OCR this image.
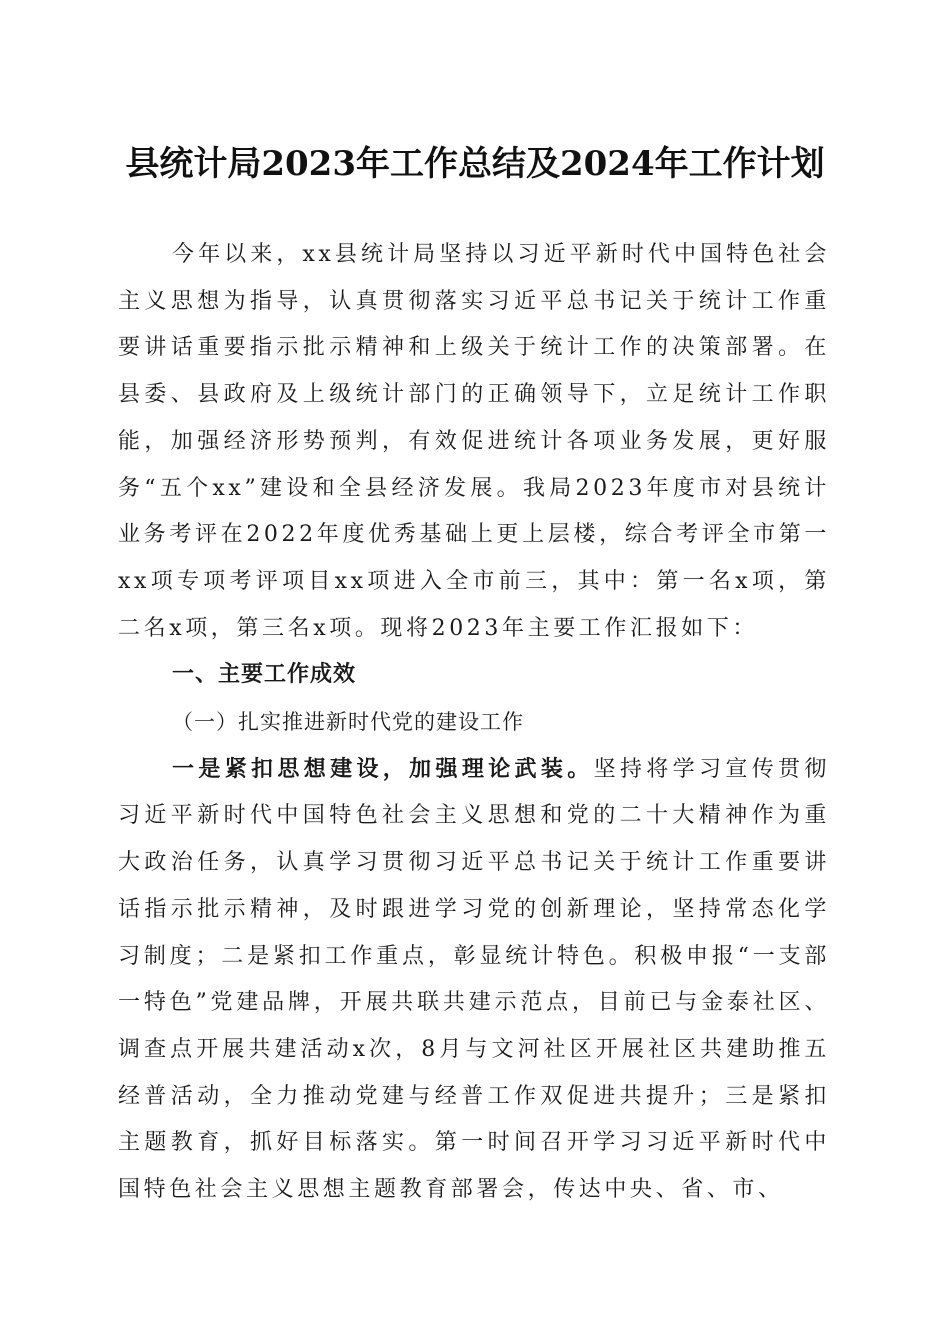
县统计局2023年工作总结及2024年工作计划

今年以来，xx县统计局坚持以习近平新时代中国特色社会主义思想为指导，认真贯彻落实习近平总书记关于统计工作重要讲话重要指示批示精神和上级关于统计工作的决策部署。在县委、县政府及上级统计部门的正确领导下，立足统计工作职能，加强经济形势预判，有效促进统计各项业务发展，更好服务“五个xx”建设和全县经济发展。我局2023年度市对县统计业务考评在2022年度优秀基础上更上层楼，综合考评全市第一xx项专项考评项目xx项进入全市前三，其中：第一名x项，第二名x项，第三名x项。现将2023年主要工作汇报如下：

一、主要工作成效

（一）扎实推进新时代党的建设工作

一是紧扣思想建设，加强理论武装。坚持将学习宣传贯彻习近平新时代中国特色社会主义思想和党的二十大精神作为重大政治任务，认真学习贯彻习近平总书记关于统计工作重要讲话指示批示精神，及时跟进学习党的创新理论，坚持常态化学习制度；二是紧扣工作重点，彰显统计特色。积极申报“一支部一特色”党建品牌，开展共联共建示范点，目前已与金泰社区、调查点开展共建活动x次，8月与文河社区开展社区共建助推五经普活动，全力推动党建与经普工作双促进共提升；三是紧扣主题教育，抓好目标落实。第一时间召开学习习近平新时代中国特色社会主义思想主题教育部署会，传达中央、省、市、
